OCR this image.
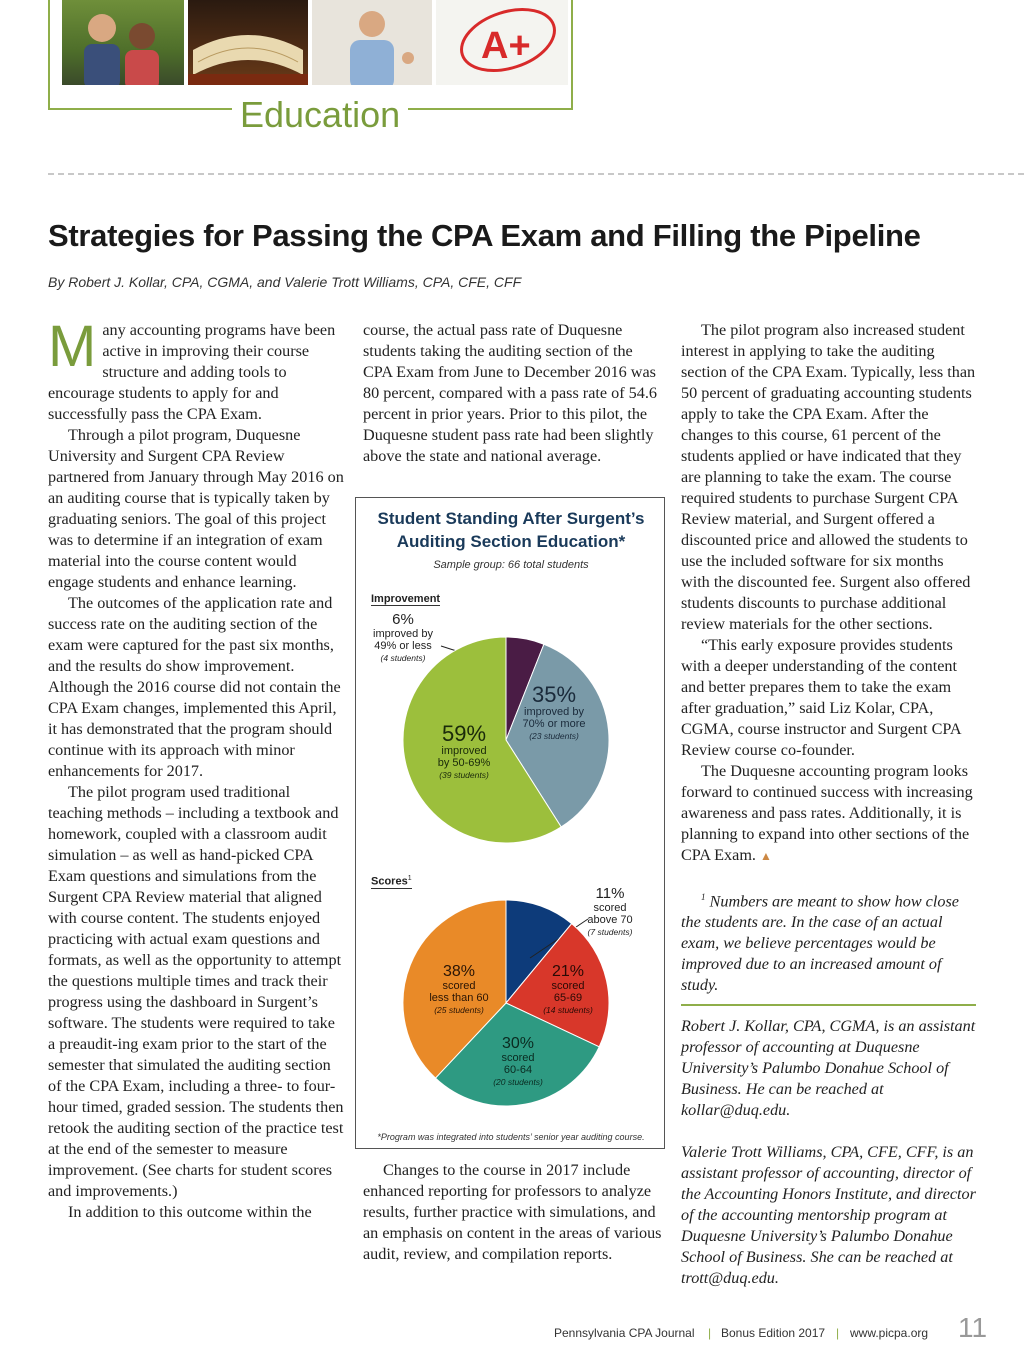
A+
Education
Strategies for Passing the CPA Exam and Filling the Pipeline
By Robert J. Kollar, CPA, CGMA, and Valerie Trott Williams, CPA, CFE, CFF

Many accounting programs have been active in improving their course structure and adding tools to encourage students to apply for and successfully pass the CPA Exam.

Through a pilot program, Duquesne University and Surgent CPA Review partnered from January through May 2016 on an auditing course that is typically taken by graduating seniors. The goal of this project was to determine if an integration of exam material into the course content would engage students and enhance learning.

The outcomes of the application rate and success rate on the auditing section of the exam were captured for the past six months, and the results do show improvement. Although the 2016 course did not contain the CPA Exam changes, implemented this April, it has demonstrated that the program should continue with its approach with minor enhancements for 2017.

The pilot program used traditional teaching methods – including a textbook and homework, coupled with a classroom audit simulation – as well as hand-picked CPA Exam questions and simulations from the Surgent CPA Review material that aligned with course content. The students enjoyed practicing with actual exam questions and formats, as well as the opportunity to attempt the questions multiple times and track their progress using the dashboard in Surgent’s software. The students were required to take a preaudit-ing exam prior to the start of the semester that simulated the auditing section of the CPA Exam, including a three- to four-hour timed, graded session. The students then retook the auditing section of the practice test at the end of the semester to measure improvement. (See charts for student scores and improvements.)

In addition to this outcome within the

course, the actual pass rate of Duquesne students taking the auditing section of the CPA Exam from June to December 2016 was 80 percent, compared with a pass rate of 54.6 percent in prior years. Prior to this pilot, the Duquesne student pass rate had been slightly above the state and national average.

Student Standing After Surgent’s
Auditing Section Education*
Sample group: 66 total students
Improvement
Scores$^1$
6%
improved by
49% or less
(4 students)
35%
improved by
70% or more
(23 students)
59%
improved
by 50-69%
(39 students)
11%
scored
above 70
(7 students)
21%
scored
65-69
(14 students)
30%
scored
60-64
(20 students)
38%
scored
less than 60
(25 students)
*Program was integrated into students’ senior year auditing course.

Changes to the course in 2017 include enhanced reporting for professors to analyze results, further practice with simulations, and an emphasis on content in the areas of various audit, review, and compilation reports.

The pilot program also increased student interest in applying to take the auditing section of the CPA Exam. Typically, less than 50 percent of graduating accounting students apply to take the CPA Exam. After the changes to this course, 61 percent of the students applied or have indicated that they are planning to take the exam. The course required students to purchase Surgent CPA Review material, and Surgent offered a discounted price and allowed the students to use the included software for six months with the discounted fee. Surgent also offered students discounts to purchase additional review materials for the other sections.

“This early exposure provides students with a deeper understanding of the content and better prepares them to take the exam after graduation,” said Liz Kolar, CPA, CGMA, course instructor and Surgent CPA Review course co-founder.

The Duquesne accounting program looks forward to continued success with increasing awareness and pass rates. Additionally, it is planning to expand into other sections of the CPA Exam. ▲

$^1$ Numbers are meant to show how close the students are. In the case of an actual exam, we believe percentages would be improved due to an increased amount of study.

Robert J. Kollar, CPA, CGMA, is an assistant professor of accounting at Duquesne University’s Palumbo Donahue School of Business. He can be reached at kollar@duq.edu.

Valerie Trott Williams, CPA, CFE, CFF, is an assistant professor of accounting, director of the Accounting Honors Institute, and director of the accounting mentorship program at Duquesne University’s Palumbo Donahue School of Business. She can be reached at trott@duq.edu.

Pennsylvania CPA Journal | Bonus Edition 2017 | www.picpa.org 11
